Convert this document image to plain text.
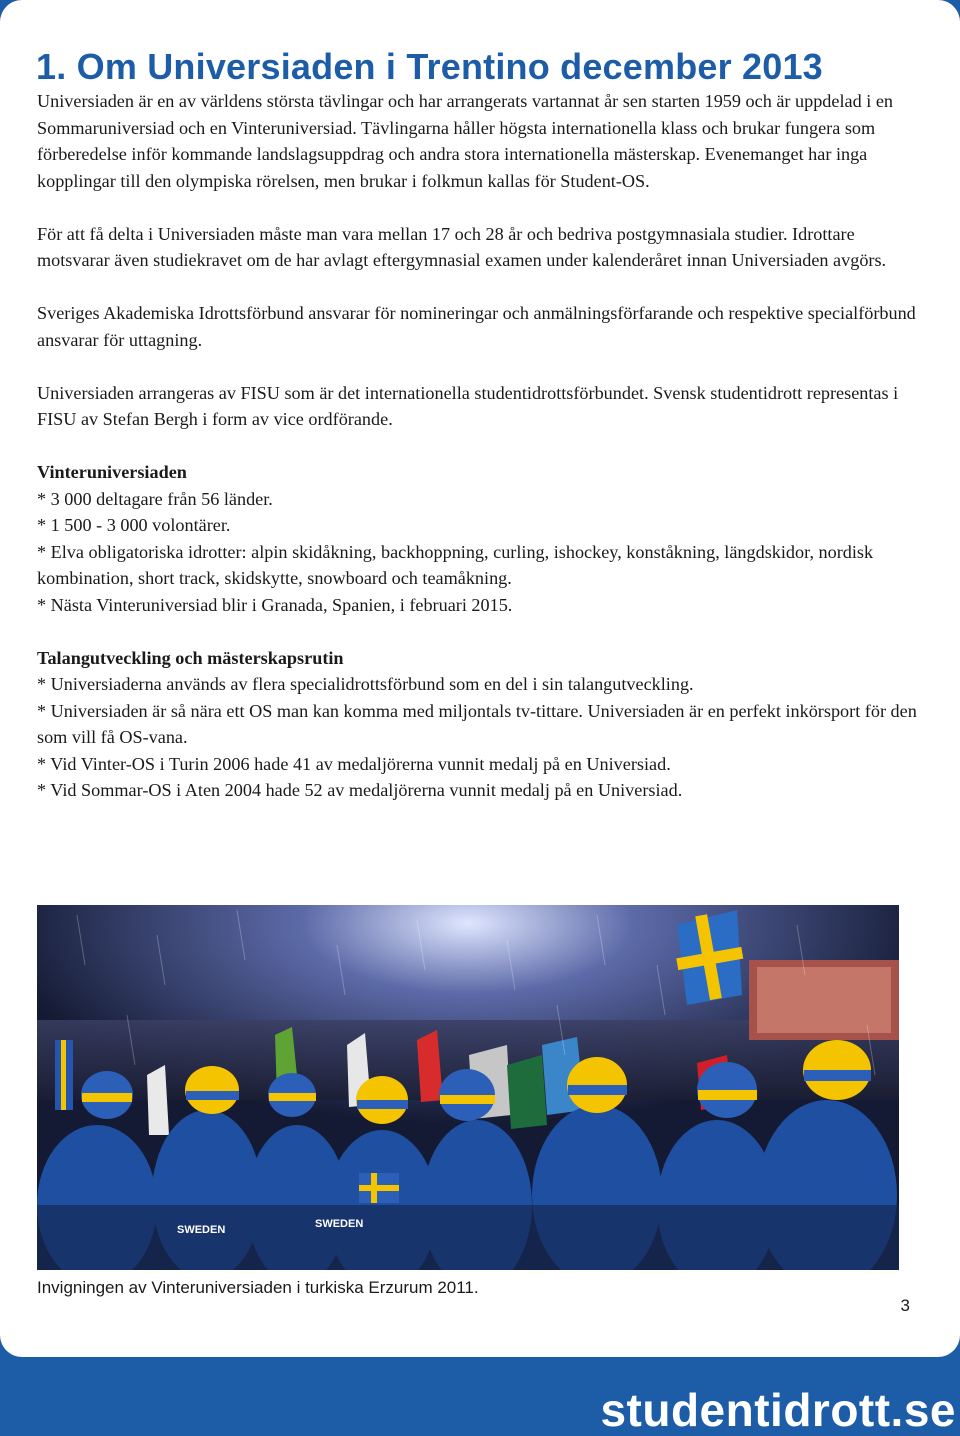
1. Om Universiaden i Trentino december 2013

Universiaden är en av världens största tävlingar och har arrangerats vartannat år sen starten 1959 och är uppdelad i en Sommaruniversiad och en Vinteruniversiad. Tävlingarna håller högsta internationella klass och brukar fungera som förberedelse inför kommande landslagsuppdrag och andra stora internationella mästerskap. Evenemanget har inga kopplingar till den olympiska rörelsen, men brukar i folkmun kallas för Student-OS.

För att få delta i Universiaden måste man vara mellan 17 och 28 år och bedriva postgymnasiala studier. Idrottare motsvarar även studiekravet om de har avlagt eftergymnasial examen under kalenderåret innan Universiaden avgörs.

Sveriges Akademiska Idrottsförbund ansvarar för nomineringar och anmälningsförfarande och respektive specialförbund ansvarar för uttagning.

Universiaden arrangeras av FISU som är det internationella studentidrottsförbundet. Svensk studentidrott representas i FISU av Stefan Bergh i form av vice ordförande.

Vinteruniversiaden
* 3 000 deltagare från 56 länder.
* 1 500 - 3 000 volontärer.
* Elva obligatoriska idrotter: alpin skidåkning, backhoppning, curling, ishockey, konståkning, längdskidor, nordisk kombination, short track, skidskytte, snowboard och teamåkning.
* Nästa Vinteruniversiad blir i Granada, Spanien, i februari 2015.

Talangutveckling och mästerskapsrutin
* Universiaderna används av flera specialidrottsförbund som en del i sin talangutveckling.
* Universiaden är så nära ett OS man kan komma med miljontals tv-tittare. Universiaden är en perfekt inkörsport för den som vill få OS-vana.
* Vid Vinter-OS i Turin 2006 hade 41 av medaljörerna vunnit medalj på en Universiad.
* Vid Sommar-OS i Aten 2004 hade 52 av medaljörerna vunnit medalj på en Universiad.

SWEDEN	SWEDEN
Invigningen av Vinteruniversiaden i turkiska Erzurum 2011.
3
studentidrott.se
